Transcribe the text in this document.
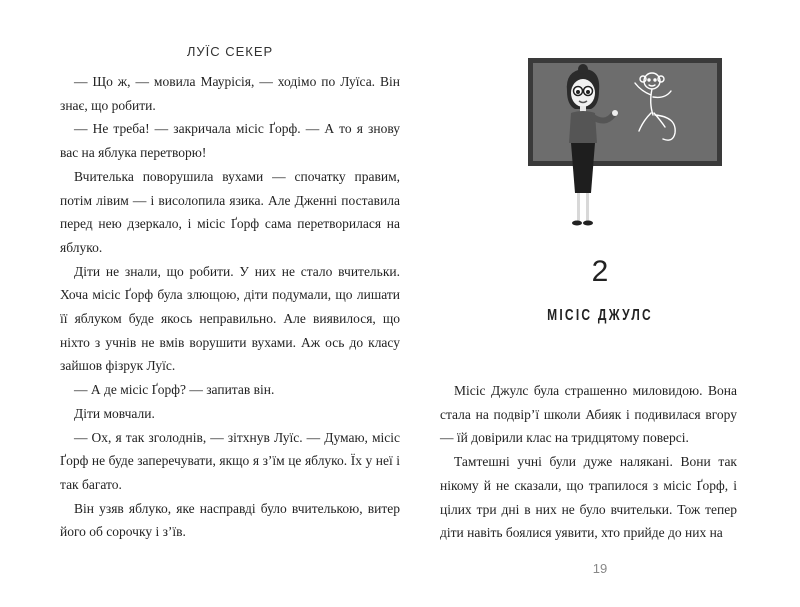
ЛУЇС СЕКЕР

— Що ж, — мовила Маурісія, — ходімо по Луїса. Він знає, що робити.

— Не треба! — закричала місіс Ґорф. — А то я знову вас на яблука перетворю!

Вчителька поворушила вухами — спочатку правим, потім лівим — і висолопила язика. Але Дженні поставила перед нею дзеркало, і місіс Ґорф сама перетворилася на яблуко.

Діти не знали, що робити. У них не стало вчительки. Хоча місіс Ґорф була злющою, діти подумали, що лишати її яблуком буде якось неправильно. Але виявилося, що ніхто з учнів не вмів ворушити вухами. Аж ось до класу зайшов фізрук Луїс.

— А де місіс Ґорф? — запитав він.

Діти мовчали.

— Ох, я так зголоднів, — зітхнув Луїс. — Думаю, місіс Ґорф не буде заперечувати, якщо я з’їм це яблуко. Їх у неї і так багато.

Він узяв яблуко, яке насправді було вчителькою, витер його об сорочку і з’їв.

2
МІСІС ДЖУЛС

Місіс Джулс була страшенно миловидою. Вона стала на подвір’ї школи Абияк і подивилася вгору — їй довірили клас на тридцятому поверсі.

Тамтешні учні були дуже налякані. Вони так нікому й не сказали, що трапилося з місіс Ґорф, і цілих три дні в них не було вчительки. Тож тепер діти навіть боялися уявити, хто прийде до них на

19
